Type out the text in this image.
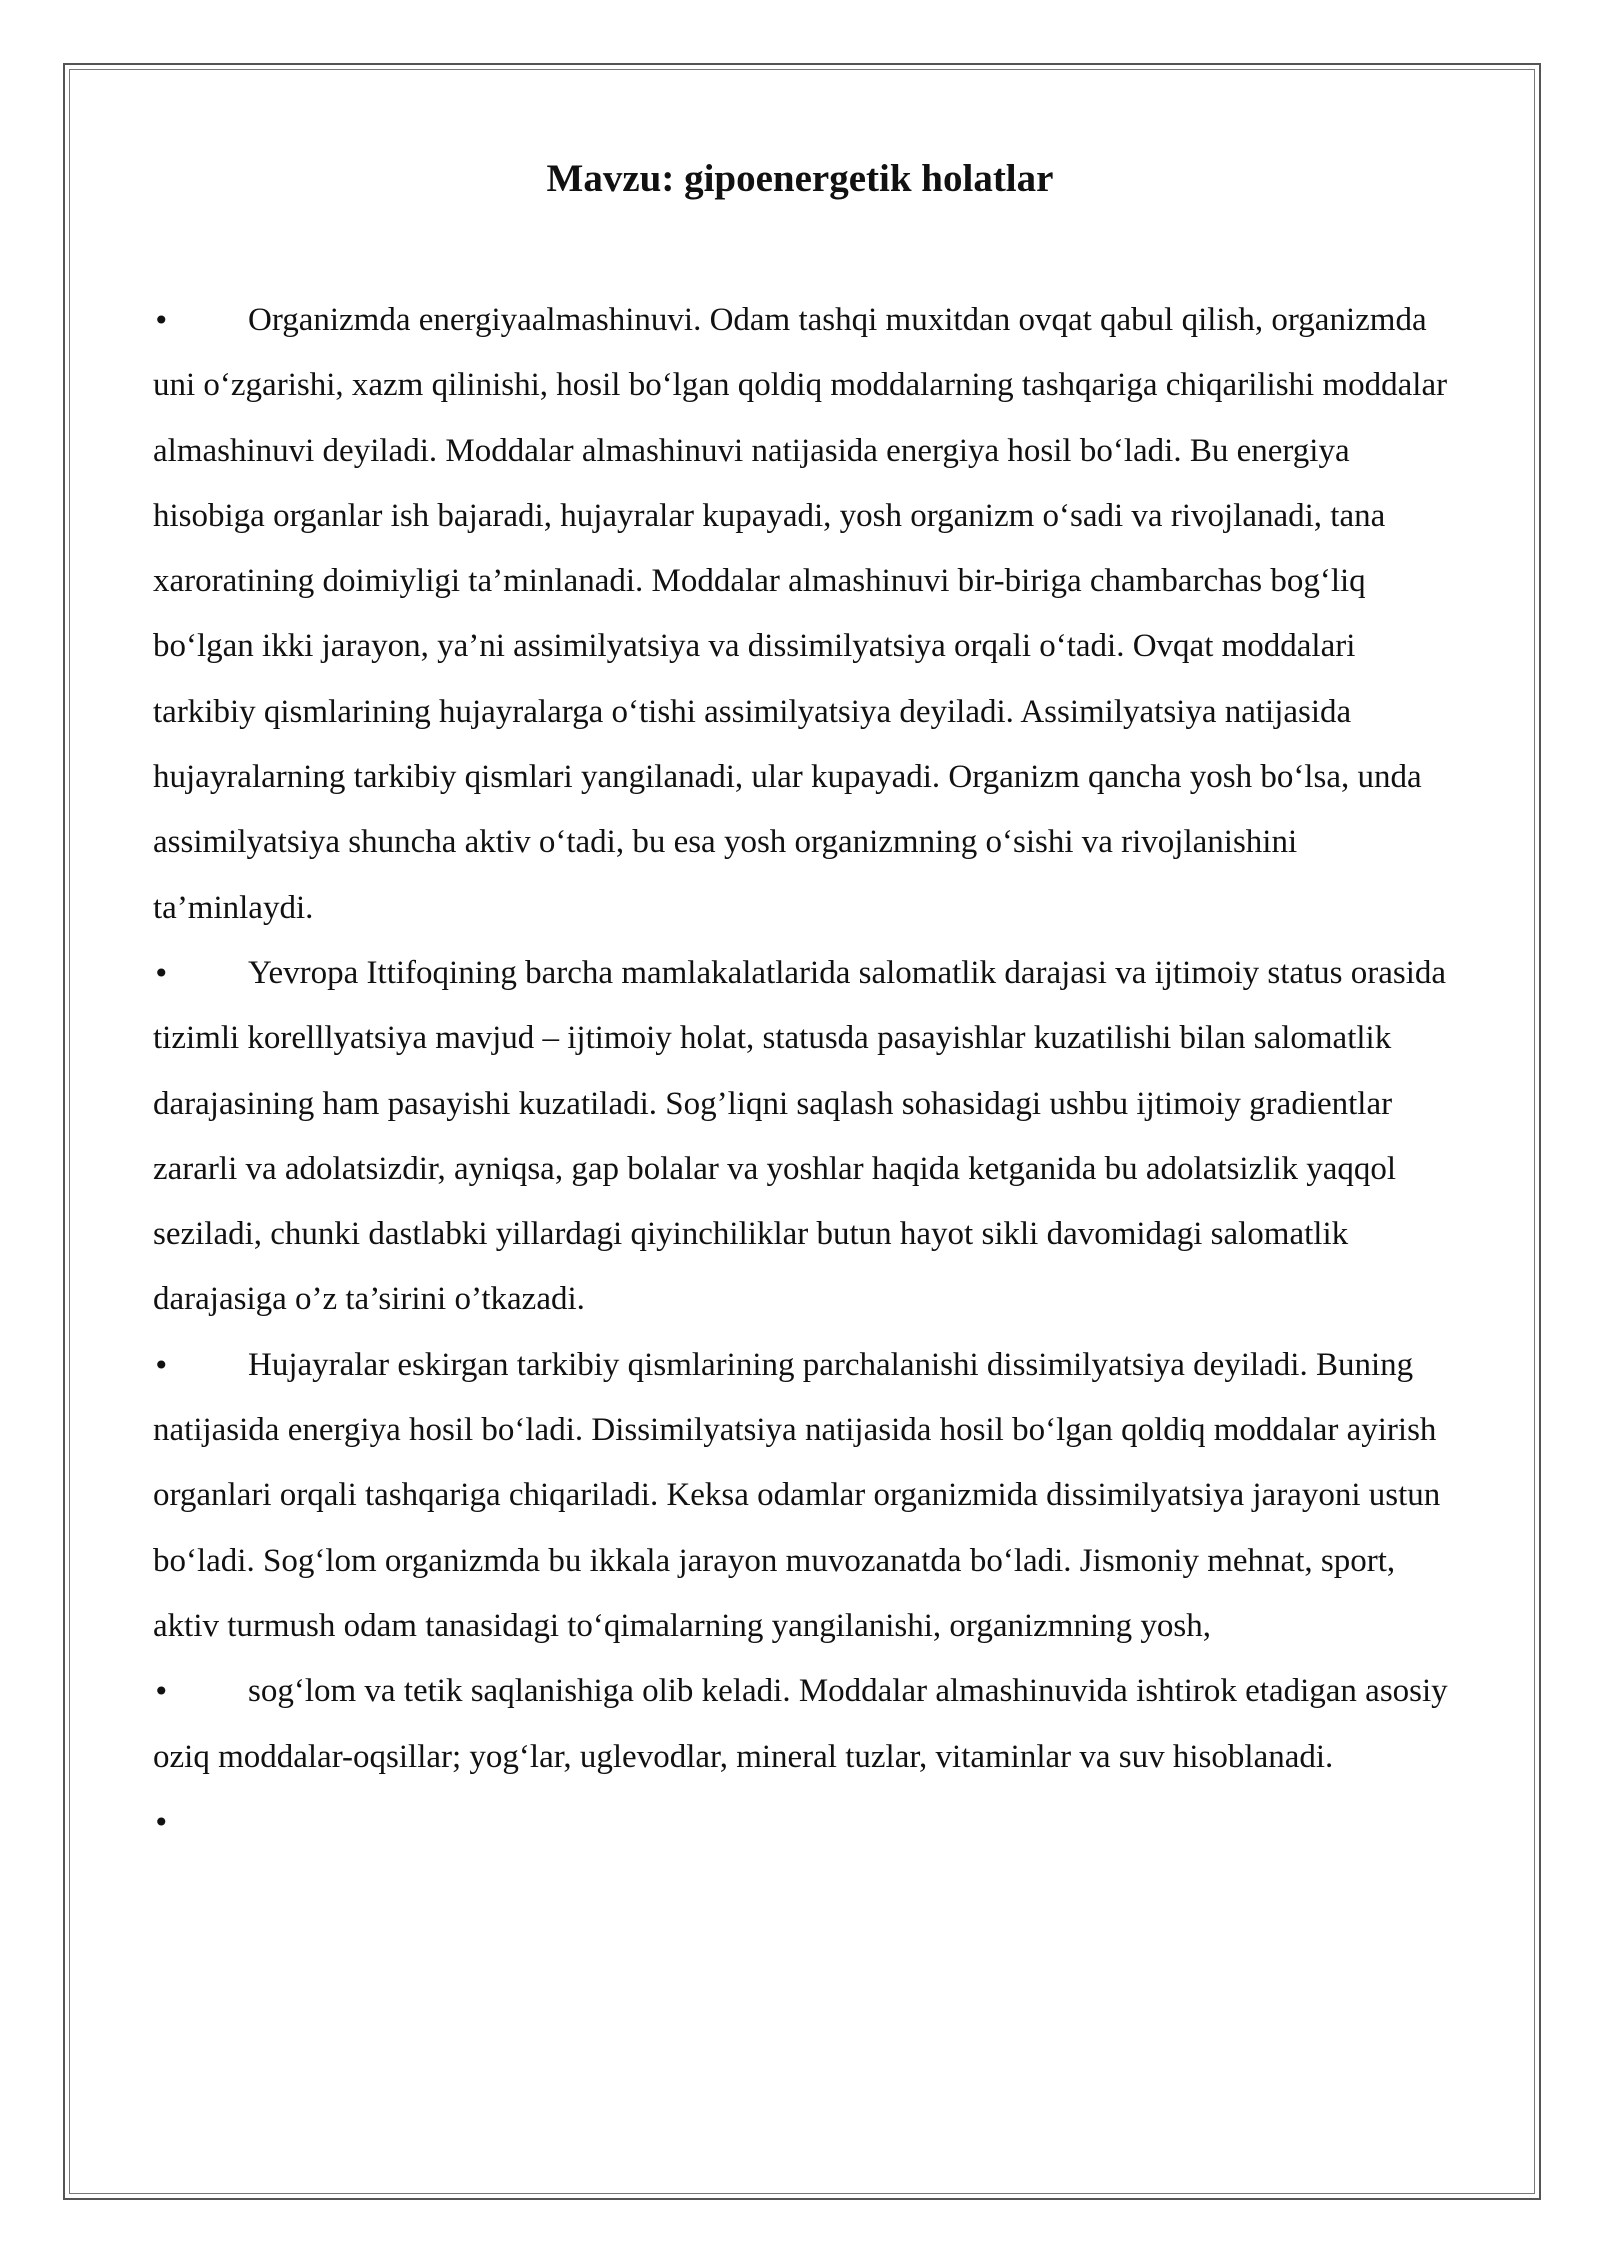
Mavzu: gipoenergetik holatlar

• Organizmda energiyaalmashinuvi. Odam tashqi muxitdan ovqat qabul qilish, organizmda uni o‘zgarishi, xazm qilinishi, hosil bo‘lgan qoldiq moddalarning tashqariga chiqarilishi moddalar almashinuvi deyiladi. Moddalar almashinuvi natijasida energiya hosil bo‘ladi. Bu energiya hisobiga organlar ish bajaradi, hujayralar kupayadi, yosh organizm o‘sadi va rivojlanadi, tana xaroratining doimiyligi ta’minlanadi. Moddalar almashinuvi bir-biriga chambarchas bog‘liq bo‘lgan ikki jarayon, ya’ni assimilyatsiya va dissimilyatsiya orqali o‘tadi. Ovqat moddalari tarkibiy qismlarining hujayralarga o‘tishi assimilyatsiya deyiladi. Assimilyatsiya natijasida hujayralarning tarkibiy qismlari yangilanadi, ular kupayadi. Organizm qancha yosh bo‘lsa, unda assimilyatsiya shuncha aktiv o‘tadi, bu esa yosh organizmning o‘sishi va rivojlanishini ta’minlaydi.

• Yevropa Ittifoqining barcha mamlakalatlarida salomatlik darajasi va ijtimoiy status orasida tizimli korelllyatsiya mavjud – ijtimoiy holat, statusda pasayishlar kuzatilishi bilan salomatlik darajasining ham pasayishi kuzatiladi. Sog’liqni saqlash sohasidagi ushbu ijtimoiy gradientlar zararli va adolatsizdir, ayniqsa, gap bolalar va yoshlar haqida ketganida bu adolatsizlik yaqqol seziladi, chunki dastlabki yillardagi qiyinchiliklar butun hayot sikli davomidagi salomatlik darajasiga o’z ta’sirini o’tkazadi.

• Hujayralar eskirgan tarkibiy qismlarining parchalanishi dissimilyatsiya deyiladi. Buning natijasida energiya hosil bo‘ladi. Dissimilyatsiya natijasida hosil bo‘lgan qoldiq moddalar ayirish organlari orqali tashqariga chiqariladi. Keksa odamlar organizmida dissimilyatsiya jarayoni ustun bo‘ladi. Sog‘lom organizmda bu ikkala jarayon muvozanatda bo‘ladi. Jismoniy mehnat, sport, aktiv turmush odam tanasidagi to‘qimalarning yangilanishi, organizmning yosh,

• sog‘lom va tetik saqlanishiga olib keladi. Moddalar almashinuvida ishtirok etadigan asosiy oziq moddalar-oqsillar; yog‘lar, uglevodlar, mineral tuzlar, vitaminlar va suv hisoblanadi.

•
